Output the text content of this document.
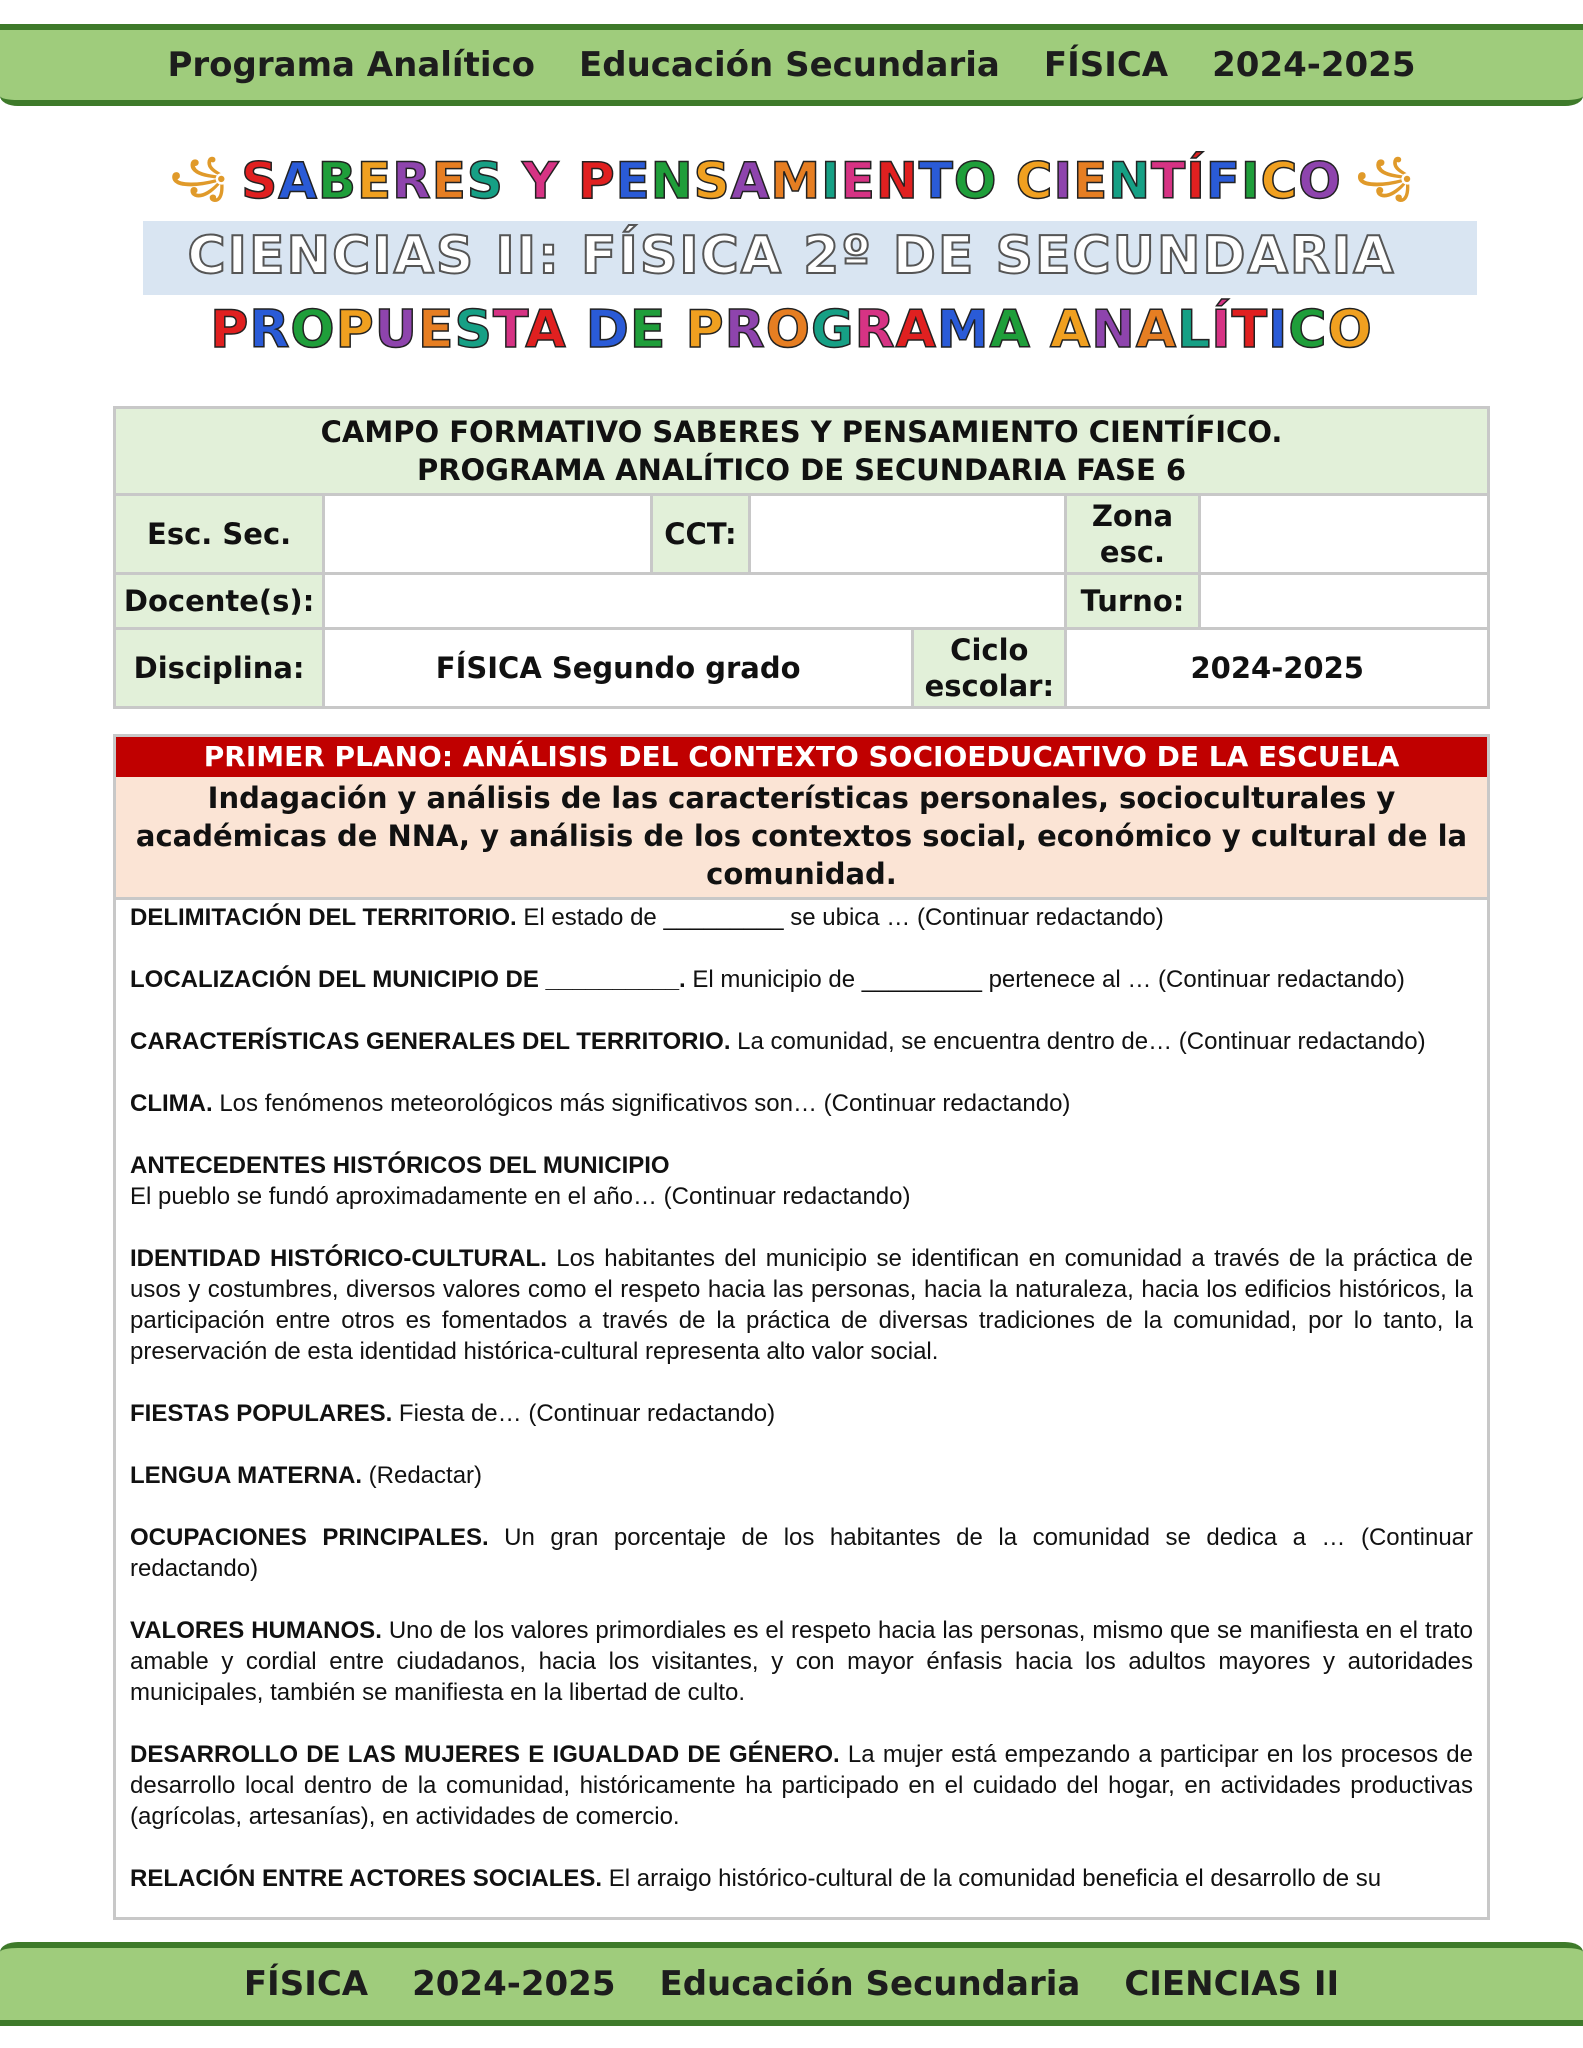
Programa Analítico Educación Secundaria FÍSICA 2024-2025
꧁ SABERES Y PENSAMIENTO CIENTÍFICO ꧁
CIENCIAS II: FÍSICA 2º DE SECUNDARIA
PROPUESTA DE PROGRAMA ANALÍTICO
CAMPO FORMATIVO SABERES Y PENSAMIENTO CIENTÍFICO.
PROGRAMA ANALÍTICO DE SECUNDARIA FASE 6						

Esc. Sec.		CCT:			Zona
esc.	

Docente(s):					Turno:	
Disciplina:	FÍSICA Segundo grado			Ciclo
escolar:	2024-2025	
PRIMER PLANO: ANÁLISIS DEL CONTEXTO SOCIOEDUCATIVO DE LA ESCUELA
Indagación y análisis de las características personales, socioculturales y académicas de NNA, y análisis de los contextos social, económico y cultural de la comunidad.

DELIMITACIÓN DEL TERRITORIO. El estado de _________ se ubica … (Continuar redactando)

LOCALIZACIÓN DEL MUNICIPIO DE __________. El municipio de _________ pertenece al … (Continuar redactando)

CARACTERÍSTICAS GENERALES DEL TERRITORIO. La comunidad, se encuentra dentro de… (Continuar redactando)

CLIMA. Los fenómenos meteorológicos más significativos son… (Continuar redactando)

ANTECEDENTES HISTÓRICOS DEL MUNICIPIO
El pueblo se fundó aproximadamente en el año… (Continuar redactando)

IDENTIDAD HISTÓRICO-CULTURAL. Los habitantes del municipio se identifican en comunidad a través de la práctica de usos y costumbres, diversos valores como el respeto hacia las personas, hacia la naturaleza, hacia los edificios históricos, la participación entre otros es fomentados a través de la práctica de diversas tradiciones de la comunidad, por lo tanto, la preservación de esta identidad histórica-cultural representa alto valor social.

FIESTAS POPULARES. Fiesta de… (Continuar redactando)

LENGUA MATERNA. (Redactar)

OCUPACIONES PRINCIPALES. Un gran porcentaje de los habitantes de la comunidad se dedica a … (Continuar redactando)

VALORES HUMANOS. Uno de los valores primordiales es el respeto hacia las personas, mismo que se manifiesta en el trato amable y cordial entre ciudadanos, hacia los visitantes, y con mayor énfasis hacia los adultos mayores y autoridades municipales, también se manifiesta en la libertad de culto.

DESARROLLO DE LAS MUJERES E IGUALDAD DE GÉNERO. La mujer está empezando a participar en los procesos de desarrollo local dentro de la comunidad, históricamente ha participado en el cuidado del hogar, en actividades productivas (agrícolas, artesanías), en actividades de comercio.

RELACIÓN ENTRE ACTORES SOCIALES. El arraigo histórico-cultural de la comunidad beneficia el desarrollo de su

FÍSICA 2024-2025 Educación Secundaria CIENCIAS II
